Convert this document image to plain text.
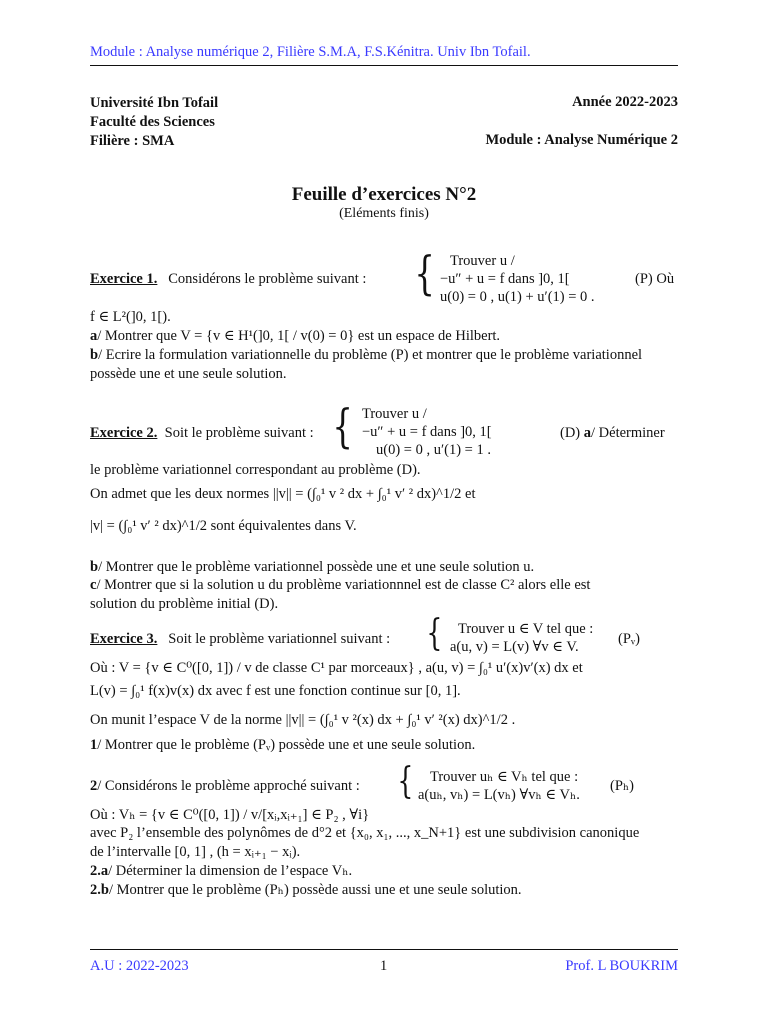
Module : Analyse numérique 2, Filière S.M.A, F.S.Kénitra. Univ Ibn Tofail.
Université Ibn Tofail
Faculté des Sciences
Filière : SMA
Année 2022-2023
Module : Analyse Numérique 2
Feuille d’exercices N°2
(Eléments finis)
Exercice 1. Considérons le problème suivant : {	Trouver u /
−u″ + u = f dans ]0, 1[
u(0) = 0 , u(1) + u′(1) = 0 .
(P) Où
f ∈ L²(]0, 1[).
a/ Montrer que V = {v ∈ H¹(]0, 1[ / v(0) = 0} est un espace de Hilbert.
b/ Ecrire la formulation variationnelle du problème (P) et montrer que le problème variationnel
possède une et une seule solution.
Exercice 2. Soit le problème suivant : { Trouver u /
−u″ + u = f dans ]0, 1[
u(0) = 0 , u′(1) = 1 .
(D) a/ Déterminer
le problème variationnel correspondant au problème (D).
On admet que les deux normes ||v|| = (∫₀¹ v ² dx + ∫₀¹ v′ ² dx)^1/2 et
|v| = (∫₀¹ v′ ² dx)^1/2 sont équivalentes dans V.
b/ Montrer que le problème variationnel possède une et une seule solution u.
c/ Montrer que si la solution u du problème variationnnel est de classe C² alors elle est
solution du problème initial (D).
Exercice 3. Soit le problème variationnel suivant : {	Trouver u ∈ V tel que :
a(u, v) = L(v) ∀v ∈ V.	(Pᵥ)
Où : V = {v ∈ C⁰([0, 1]) / v de classe C¹ par morceaux} , a(u, v) = ∫₀¹ u′(x)v′(x) dx et
L(v) = ∫₀¹ f(x)v(x) dx avec f est une fonction continue sur [0, 1].
On munit l’espace V de la norme ||v|| = (∫₀¹ v ²(x) dx + ∫₀¹ v′ ²(x) dx)^1/2 .
1/ Montrer que le problème (Pᵥ) possède une et une seule solution.
2/ Considérons le problème approché suivant : {	Trouver uₕ ∈ Vₕ tel que :
a(uₕ, vₕ) = L(vₕ) ∀vₕ ∈ Vₕ.
(Pₕ)
Où : Vₕ = {v ∈ C⁰([0, 1]) / v/[xᵢ,xᵢ₊₁] ∈ P₂ , ∀i}
avec P₂ l’ensemble des polynômes de d°2 et {x₀, x₁, ..., x_N+1} est une subdivision canonique
de l’intervalle [0, 1] , (h = xᵢ₊₁ − xᵢ).
2.a/ Déterminer la dimension de l’espace Vₕ.
2.b/ Montrer que le problème (Pₕ) possède aussi une et une seule solution.
A.U : 2022-2023	1	Prof. L BOUKRIM
